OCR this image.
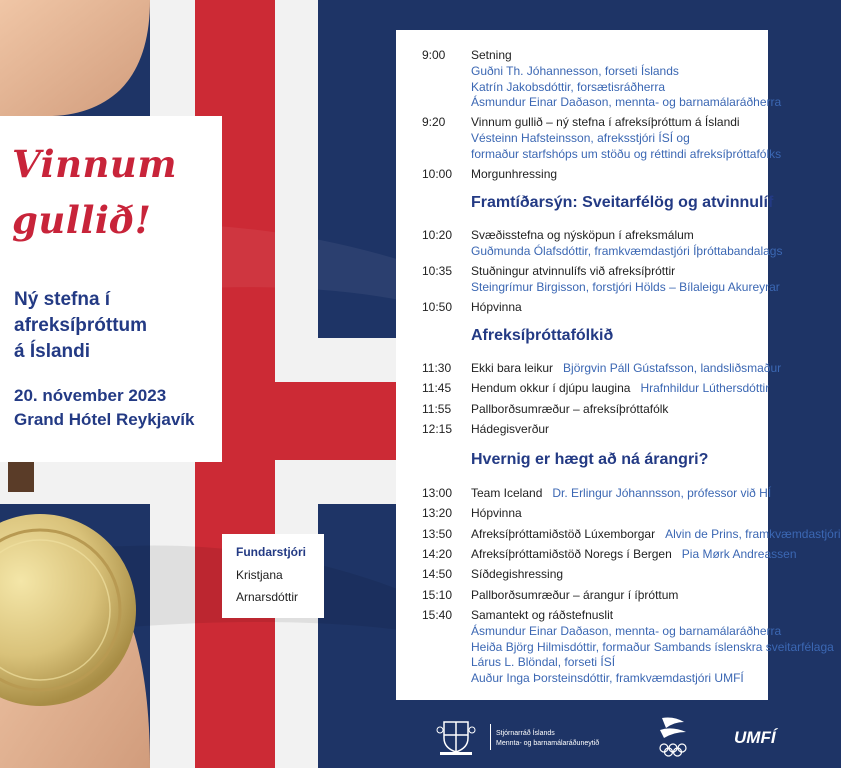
Vinnum
gullið!
Ný stefna í
afreksíþróttum
á Íslandi
20. nóvember 2023
Grand Hótel Reykjavík
Fundarstjóri
Kristjana
Arnarsdóttir
9:00 Setning
Guðni Th. Jóhannesson, forseti Íslands
Katrín Jakobsdóttir, forsætisráðherra
Ásmundur Einar Daðason, mennta- og barnamálaráðherra
9:20 Vinnum gullið – ný stefna í afreksíþróttum á Íslandi
Vésteinn Hafsteinsson, afreksstjóri ÍSÍ og
formaður starfshóps um stöðu og réttindi afreksíþróttafólks
10:00 Morgunhressing
Framtíðarsýn: Sveitarfélög og atvinnulíf
10:20 Svæðisstefna og nýsköpun í afreksmálum
Guðmunda Ólafsdóttir, framkvæmdastjóri Íþróttabandalags
10:35 Stuðningur atvinnulífs við afreksíþróttir
Steingrímur Birgisson, forstjóri Hölds – Bílaleigu Akureyrar
10:50 Hópvinna
Afreksíþróttafólkið
11:30 Ekki bara leikur Björgvin Páll Gústafsson, landsliðsmaður
11:45 Hendum okkur í djúpu laugina Hrafnhildur Lúthersdóttir
11:55 Pallborðsumræður – afreksíþróttafólk
12:15 Hádegisverður
Hvernig er hægt að ná árangri?
13:00 Team Iceland Dr. Erlingur Jóhannsson, prófessor við HÍ
13:20 Hópvinna
13:50 Afreksíþróttamiðstöð Lúxemborgar Alvin de Prins, framkvæmdastjóri
14:20 Afreksíþróttamiðstöð Noregs í Bergen Pia Mørk Andreassen
14:50 Síðdegishressing
15:10 Pallborðsumræður – árangur í íþróttum
15:40 Samantekt og ráðstefnuslit
Ásmundur Einar Daðason, mennta- og barnamálaráðherra
Heiða Björg Hilmisdóttir, formaður Sambands íslenskra sveitarfélaga
Lárus L. Blöndal, forseti ÍSÍ
Auður Inga Þorsteinsdóttir, framkvæmdastjóri UMFÍ
Stjórnarráð Íslands
Mennta- og barnamálaráðuneytið	UMFÍ
